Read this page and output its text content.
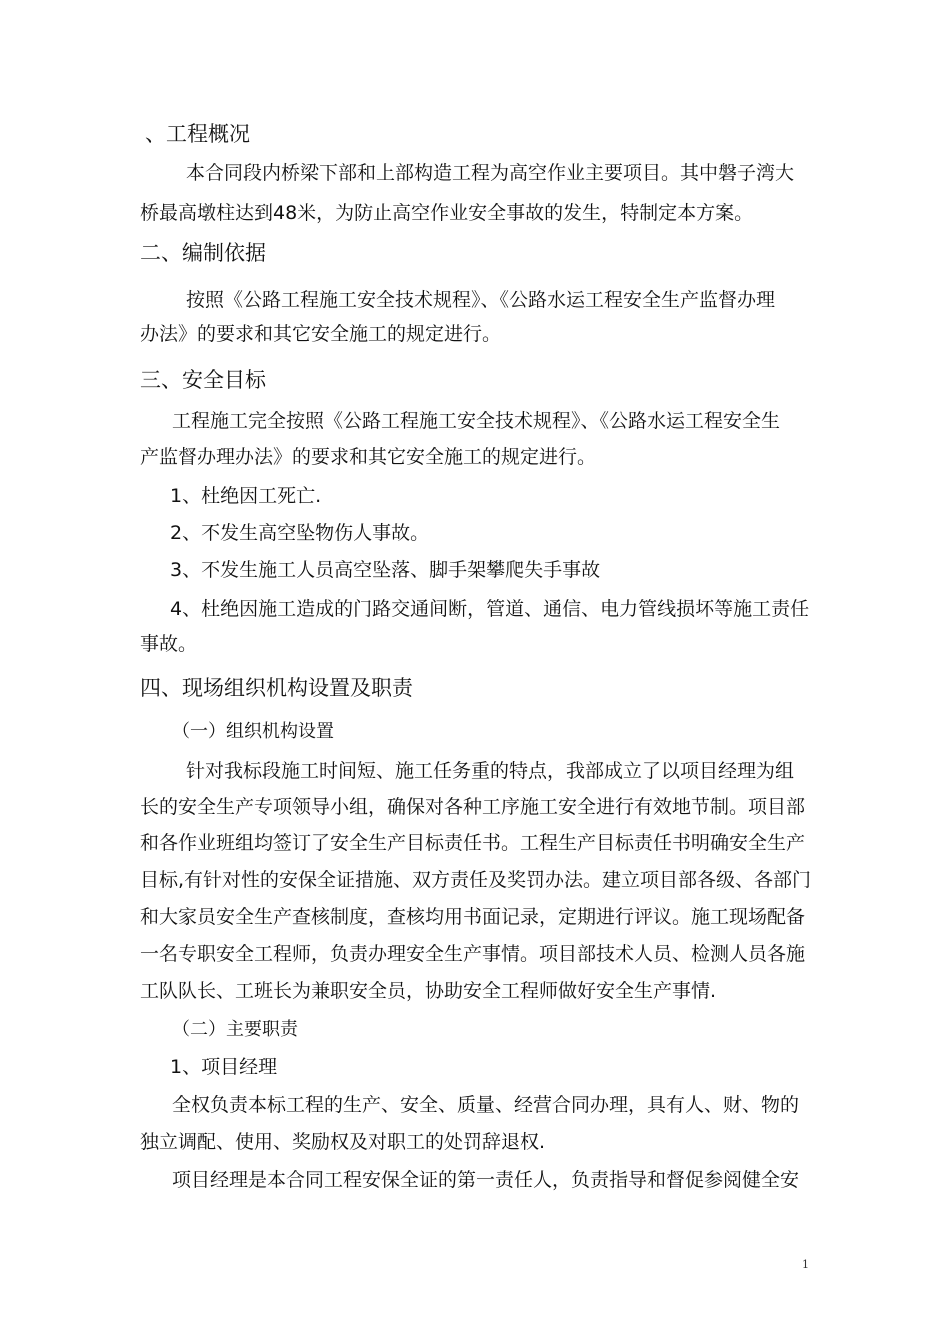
、工程概况
本合同段内桥梁下部和上部构造工程为高空作业主要项目。其中磐子湾大
桥最高墩柱达到48米，为防止高空作业安全事故的发生，特制定本方案。
二、编制依据
按照《公路工程施工安全技术规程》、《公路水运工程安全生产监督办理
办法》的要求和其它安全施工的规定进行。
三、安全目标
工程施工完全按照《公路工程施工安全技术规程》、《公路水运工程安全生
产监督办理办法》的要求和其它安全施工的规定进行。
1、杜绝因工死亡.
2、不发生高空坠物伤人事故。
3、不发生施工人员高空坠落、脚手架攀爬失手事故
4、杜绝因施工造成的门路交通间断，管道、通信、电力管线损坏等施工责任
事故。
四、现场组织机构设置及职责
（一）组织机构设置
针对我标段施工时间短、施工任务重的特点，我部成立了以项目经理为组
长的安全生产专项领导小组，确保对各种工序施工安全进行有效地节制。项目部
和各作业班组均签订了安全生产目标责任书。工程生产目标责任书明确安全生产
目标,有针对性的安保全证措施、双方责任及奖罚办法。建立项目部各级、各部门
和大家员安全生产查核制度，查核均用书面记录，定期进行评议。施工现场配备
一名专职安全工程师，负责办理安全生产事情。项目部技术人员、检测人员各施
工队队长、工班长为兼职安全员，协助安全工程师做好安全生产事情.
（二）主要职责
1、项目经理
全权负责本标工程的生产、安全、质量、经营合同办理，具有人、财、物的
独立调配、使用、奖励权及对职工的处罚辞退权.
项目经理是本合同工程安保全证的第一责任人，负责指导和督促参阅健全安
1
